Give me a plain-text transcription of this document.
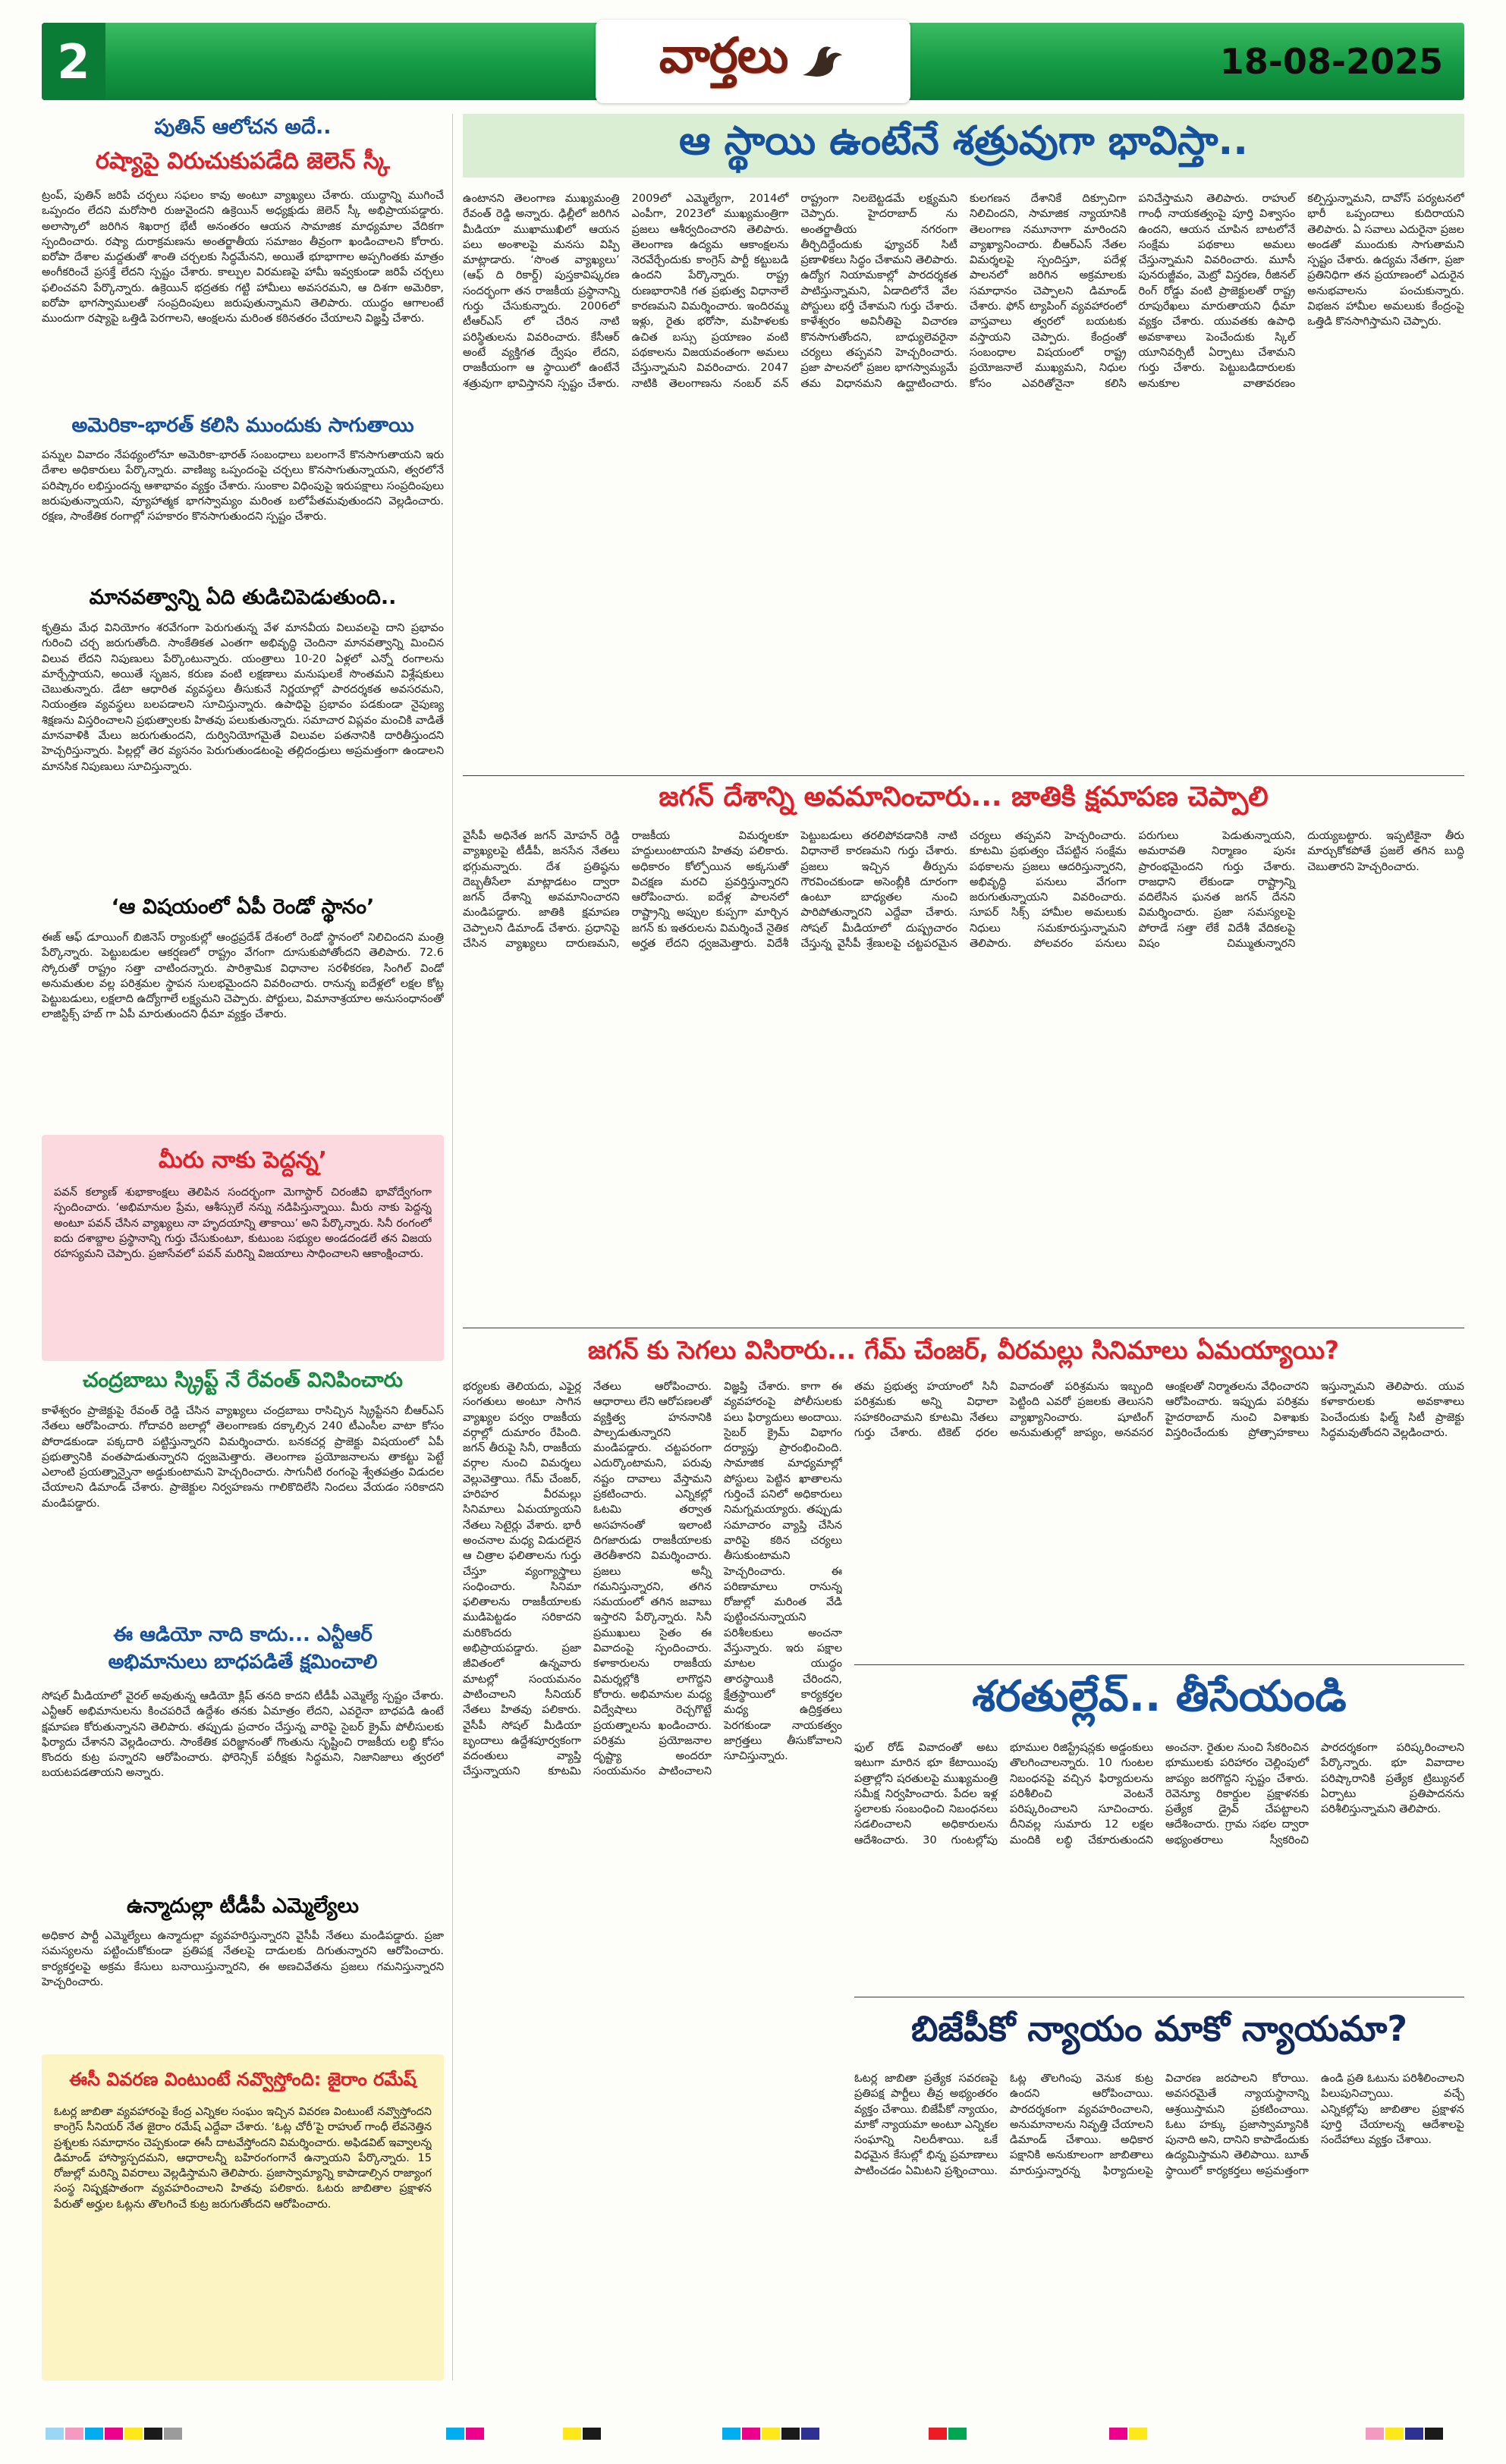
2	వార్తలు	18-08-2025
పుతిన్ ఆలోచన అదే..
రష్యాపై విరుచుకుపడేది జెలెన్ స్కీ
ట్రంప్, పుతిన్ జరిపే చర్చలు సఫలం కావు అంటూ వ్యాఖ్యలు చేశారు. యుద్ధాన్ని ముగించే ఒప్పందం లేదని మరోసారి రుజువైందని ఉక్రెయిన్ అధ్యక్షుడు జెలెన్ స్కీ అభిప్రాయపడ్డారు. అలాస్కాలో జరిగిన శిఖరాగ్ర భేటీ అనంతరం ఆయన సామాజిక మాధ్యమాల వేదికగా స్పందించారు. రష్యా దురాక్రమణను అంతర్జాతీయ సమాజం తీవ్రంగా ఖండించాలని కోరారు. ఐరోపా దేశాల మద్దతుతో శాంతి చర్చలకు సిద్ధమేనని, అయితే భూభాగాల అప్పగింతకు మాత్రం అంగీకరించే ప్రసక్తే లేదని స్పష్టం చేశారు. కాల్పుల విరమణపై హామీ ఇవ్వకుండా జరిపే చర్చలు ఫలించవని పేర్కొన్నారు. ఉక్రెయిన్ భద్రతకు గట్టి హామీలు అవసరమని, ఆ దిశగా అమెరికా, ఐరోపా భాగస్వాములతో సంప్రదింపులు జరుపుతున్నామని తెలిపారు. యుద్ధం ఆగాలంటే ముందుగా రష్యాపై ఒత్తిడి పెరగాలని, ఆంక్షలను మరింత కఠినతరం చేయాలని విజ్ఞప్తి చేశారు.
అమెరికా-భారత్ కలిసి ముందుకు సాగుతాయి
పన్నుల వివాదం నేపథ్యంలోనూ అమెరికా-భారత్ సంబంధాలు బలంగానే కొనసాగుతాయని ఇరు దేశాల అధికారులు పేర్కొన్నారు. వాణిజ్య ఒప్పందంపై చర్చలు కొనసాగుతున్నాయని, త్వరలోనే పరిష్కారం లభిస్తుందన్న ఆశాభావం వ్యక్తం చేశారు. సుంకాల విధింపుపై ఇరుపక్షాలు సంప్రదింపులు జరుపుతున్నాయని, వ్యూహాత్మక భాగస్వామ్యం మరింత బలోపేతమవుతుందని వెల్లడించారు. రక్షణ, సాంకేతిక రంగాల్లో సహకారం కొనసాగుతుందని స్పష్టం చేశారు.
మానవత్వాన్ని ఏది తుడిచిపెడుతుంది..
కృత్రిమ మేధ వినియోగం శరవేగంగా పెరుగుతున్న వేళ మానవీయ విలువలపై దాని ప్రభావం గురించి చర్చ జరుగుతోంది. సాంకేతికత ఎంతగా అభివృద్ధి చెందినా మానవత్వాన్ని మించిన విలువ లేదని నిపుణులు పేర్కొంటున్నారు. యంత్రాలు 10-20 ఏళ్లలో ఎన్నో రంగాలను మార్చేస్తాయని, అయితే సృజన, కరుణ వంటి లక్షణాలు మనుషులకే సొంతమని విశ్లేషకులు చెబుతున్నారు. డేటా ఆధారిత వ్యవస్థలు తీసుకునే నిర్ణయాల్లో పారదర్శకత అవసరమని, నియంత్రణ వ్యవస్థలు బలపడాలని సూచిస్తున్నారు. ఉపాధిపై ప్రభావం పడకుండా నైపుణ్య శిక్షణను విస్తరించాలని ప్రభుత్వాలకు హితవు పలుకుతున్నారు. సమాచార విప్లవం మంచికి వాడితే మానవాళికి మేలు జరుగుతుందని, దుర్వినియోగమైతే విలువల పతనానికి దారితీస్తుందని హెచ్చరిస్తున్నారు. పిల్లల్లో తెర వ్యసనం పెరుగుతుండటంపై తల్లిదండ్రులు అప్రమత్తంగా ఉండాలని మానసిక నిపుణులు సూచిస్తున్నారు.
‘ఆ విషయంలో ఏపీ రెండో స్థానం’
ఈజ్ ఆఫ్ డూయింగ్ బిజినెస్ ర్యాంకుల్లో ఆంధ్రప్రదేశ్ దేశంలో రెండో స్థానంలో నిలిచిందని మంత్రి పేర్కొన్నారు. పెట్టుబడుల ఆకర్షణలో రాష్ట్రం వేగంగా దూసుకుపోతోందని తెలిపారు. 72.6 స్కోరుతో రాష్ట్రం సత్తా చాటిందన్నారు. పారిశ్రామిక విధానాల సరళీకరణ, సింగిల్ విండో అనుమతుల వల్ల పరిశ్రమల స్థాపన సులభమైందని వివరించారు. రానున్న ఐదేళ్లలో లక్షల కోట్ల పెట్టుబడులు, లక్షలాది ఉద్యోగాలే లక్ష్యమని చెప్పారు. పోర్టులు, విమానాశ్రయాల అనుసంధానంతో లాజిస్టిక్స్ హబ్ గా ఏపీ మారుతుందని ధీమా వ్యక్తం చేశారు.
మీరు నాకు పెద్దన్న’
పవన్ కల్యాణ్ శుభాకాంక్షలు తెలిపిన సందర్భంగా మెగాస్టార్ చిరంజీవి భావోద్వేగంగా స్పందించారు. ‘అభిమానుల ప్రేమ, ఆశీస్సులే నన్ను నడిపిస్తున్నాయి. మీరు నాకు పెద్దన్న అంటూ పవన్ చేసిన వ్యాఖ్యలు నా హృదయాన్ని తాకాయి’ అని పేర్కొన్నారు. సినీ రంగంలో ఐదు దశాబ్దాల ప్రస్థానాన్ని గుర్తు చేసుకుంటూ, కుటుంబ సభ్యుల అండదండలే తన విజయ రహస్యమని చెప్పారు. ప్రజాసేవలో పవన్ మరిన్ని విజయాలు సాధించాలని ఆకాంక్షించారు.
చంద్రబాబు స్క్రిప్ట్ నే రేవంత్ వినిపించారు
కాళేశ్వరం ప్రాజెక్టుపై రేవంత్ రెడ్డి చేసిన వ్యాఖ్యలు చంద్రబాబు రాసిచ్చిన స్క్రిప్టేనని బీఆర్ఎస్ నేతలు ఆరోపించారు. గోదావరి జలాల్లో తెలంగాణకు దక్కాల్సిన 240 టీఎంసీల వాటా కోసం పోరాడకుండా పక్కదారి పట్టిస్తున్నారని విమర్శించారు. బనకచర్ల ప్రాజెక్టు విషయంలో ఏపీ ప్రభుత్వానికి వంతపాడుతున్నారని ధ్వజమెత్తారు. తెలంగాణ ప్రయోజనాలను తాకట్టు పెట్టే ఎలాంటి ప్రయత్నాన్నైనా అడ్డుకుంటామని హెచ్చరించారు. సాగునీటి రంగంపై శ్వేతపత్రం విడుదల చేయాలని డిమాండ్ చేశారు. ప్రాజెక్టుల నిర్వహణను గాలికొదిలేసి నిందలు వేయడం సరికాదని మండిపడ్డారు.
ఈ ఆడియో నాది కాదు... ఎన్టీఆర్
అభిమానులు బాధపడితే క్షమించాలి
సోషల్ మీడియాలో వైరల్ అవుతున్న ఆడియో క్లిప్ తనది కాదని టీడీపీ ఎమ్మెల్యే స్పష్టం చేశారు. ఎన్టీఆర్ అభిమానులను కించపరిచే ఉద్దేశం తనకు ఏమాత్రం లేదని, ఎవరైనా బాధపడి ఉంటే క్షమాపణ కోరుతున్నానని తెలిపారు. తప్పుడు ప్రచారం చేస్తున్న వారిపై సైబర్ క్రైమ్ పోలీసులకు ఫిర్యాదు చేశానని వెల్లడించారు. సాంకేతిక పరిజ్ఞానంతో గొంతును సృష్టించి రాజకీయ లబ్ధి కోసం కొందరు కుట్ర పన్నారని ఆరోపించారు. ఫోరెన్సిక్ పరీక్షకు సిద్ధమని, నిజానిజాలు త్వరలో బయటపడతాయని అన్నారు.
ఉన్మాదుల్లా టీడీపీ ఎమ్మెల్యేలు
అధికార పార్టీ ఎమ్మెల్యేలు ఉన్మాదుల్లా వ్యవహరిస్తున్నారని వైసీపీ నేతలు మండిపడ్డారు. ప్రజా సమస్యలను పట్టించుకోకుండా ప్రతిపక్ష నేతలపై దాడులకు దిగుతున్నారని ఆరోపించారు. కార్యకర్తలపై అక్రమ కేసులు బనాయిస్తున్నారని, ఈ అణచివేతను ప్రజలు గమనిస్తున్నారని హెచ్చరించారు.
ఈసీ వివరణ వింటుంటే నవ్వొస్తోంది: జైరాం రమేష్
ఓటర్ల జాబితా వ్యవహారంపై కేంద్ర ఎన్నికల సంఘం ఇచ్చిన వివరణ వింటుంటే నవ్వొస్తోందని కాంగ్రెస్ సీనియర్ నేత జైరాం రమేష్ ఎద్దేవా చేశారు. ‘ఓట్ల చోరీ’పై రాహుల్ గాంధీ లేవనెత్తిన ప్రశ్నలకు సమాధానం చెప్పకుండా ఈసీ దాటవేస్తోందని విమర్శించారు. అఫిడవిట్ ఇవ్వాలన్న డిమాండ్ హాస్యాస్పదమని, ఆధారాలన్నీ బహిరంగంగానే ఉన్నాయని పేర్కొన్నారు. 15 రోజుల్లో మరిన్ని వివరాలు వెల్లడిస్తామని తెలిపారు. ప్రజాస్వామ్యాన్ని కాపాడాల్సిన రాజ్యాంగ సంస్థ నిష్పక్షపాతంగా వ్యవహరించాలని హితవు పలికారు. ఓటరు జాబితాల ప్రక్షాళన పేరుతో అర్హుల ఓట్లను తొలగించే కుట్ర జరుగుతోందని ఆరోపించారు.
ఆ స్థాయి ఉంటేనే శత్రువుగా భావిస్తా..
ఉంటానని తెలంగాణ ముఖ్యమంత్రి రేవంత్ రెడ్డి అన్నారు. ఢిల్లీలో జరిగిన మీడియా ముఖాముఖిలో ఆయన పలు అంశాలపై మనసు విప్పి మాట్లాడారు. ‘సొంత వ్యాఖ్యలు’ (ఆఫ్ ది రికార్డ్) పుస్తకావిష్కరణ సందర్భంగా తన రాజకీయ ప్రస్థానాన్ని గుర్తు చేసుకున్నారు. 2006లో టీఆర్ఎస్ లో చేరిన నాటి పరిస్థితులను వివరించారు. కేసీఆర్ అంటే వ్యక్తిగత ద్వేషం లేదని, రాజకీయంగా ఆ స్థాయిలో ఉంటేనే శత్రువుగా భావిస్తానని స్పష్టం చేశారు. 2009లో ఎమ్మెల్యేగా, 2014లో ఎంపీగా, 2023లో ముఖ్యమంత్రిగా ప్రజలు ఆశీర్వదించారని తెలిపారు. తెలంగాణ ఉద్యమ ఆకాంక్షలను నెరవేర్చేందుకు కాంగ్రెస్ పార్టీ కట్టుబడి ఉందని పేర్కొన్నారు. రాష్ట్ర రుణభారానికి గత ప్రభుత్వ విధానాలే కారణమని విమర్శించారు. ఇందిరమ్మ ఇళ్లు, రైతు భరోసా, మహిళలకు ఉచిత బస్సు ప్రయాణం వంటి పథకాలను విజయవంతంగా అమలు చేస్తున్నామని వివరించారు. 2047 నాటికి తెలంగాణను నంబర్ వన్ రాష్ట్రంగా నిలబెట్టడమే లక్ష్యమని చెప్పారు. హైదరాబాద్ ను అంతర్జాతీయ నగరంగా తీర్చిదిద్దేందుకు ఫ్యూచర్ సిటీ ప్రణాళికలు సిద్ధం చేశామని తెలిపారు. ఉద్యోగ నియామకాల్లో పారదర్శకత పాటిస్తున్నామని, ఏడాదిలోనే వేల పోస్టులు భర్తీ చేశామని గుర్తు చేశారు. కాళేశ్వరం అవినీతిపై విచారణ కొనసాగుతోందని, బాధ్యులెవరైనా చర్యలు తప్పవని హెచ్చరించారు. ప్రజా పాలనలో ప్రజల భాగస్వామ్యమే తమ విధానమని ఉద్ఘాటించారు. కులగణన దేశానికే దిక్సూచిగా నిలిచిందని, సామాజిక న్యాయానికి తెలంగాణ నమూనాగా మారిందని వ్యాఖ్యానించారు. బీఆర్ఎస్ నేతల విమర్శలపై స్పందిస్తూ, పదేళ్ల పాలనలో జరిగిన అక్రమాలకు సమాధానం చెప్పాలని డిమాండ్ చేశారు. ఫోన్ ట్యాపింగ్ వ్యవహారంలో వాస్తవాలు త్వరలో బయటకు వస్తాయని చెప్పారు. కేంద్రంతో సంబంధాల విషయంలో రాష్ట్ర ప్రయోజనాలే ముఖ్యమని, నిధుల కోసం ఎవరితోనైనా కలిసి పనిచేస్తామని తెలిపారు. రాహుల్ గాంధీ నాయకత్వంపై పూర్తి విశ్వాసం ఉందని, ఆయన చూపిన బాటలోనే సంక్షేమ పథకాలు అమలు చేస్తున్నామని వివరించారు. మూసీ పునరుజ్జీవం, మెట్రో విస్తరణ, రీజినల్ రింగ్ రోడ్డు వంటి ప్రాజెక్టులతో రాష్ట్ర రూపురేఖలు మారుతాయని ధీమా వ్యక్తం చేశారు. యువతకు ఉపాధి అవకాశాలు పెంచేందుకు స్కిల్ యూనివర్సిటీ ఏర్పాటు చేశామని గుర్తు చేశారు. పెట్టుబడిదారులకు అనుకూల వాతావరణం కల్పిస్తున్నామని, దావోస్ పర్యటనలో భారీ ఒప్పందాలు కుదిరాయని తెలిపారు. ఏ సవాలు ఎదురైనా ప్రజల అండతో ముందుకు సాగుతామని స్పష్టం చేశారు. ఉద్యమ నేతగా, ప్రజా ప్రతినిధిగా తన ప్రయాణంలో ఎదురైన అనుభవాలను పంచుకున్నారు. విభజన హామీల అమలుకు కేంద్రంపై ఒత్తిడి కొనసాగిస్తామని చెప్పారు.
జగన్ దేశాన్ని అవమానించారు... జాతికి క్షమాపణ చెప్పాలి
వైసీపీ అధినేత జగన్ మోహన్ రెడ్డి వ్యాఖ్యలపై టీడీపీ, జనసేన నేతలు భగ్గుమన్నారు. దేశ ప్రతిష్ఠను దెబ్బతీసేలా మాట్లాడటం ద్వారా జగన్ దేశాన్ని అవమానించారని మండిపడ్డారు. జాతికి క్షమాపణ చెప్పాలని డిమాండ్ చేశారు. ప్రధానిపై చేసిన వ్యాఖ్యలు దారుణమని, రాజకీయ విమర్శలకూ హద్దులుంటాయని హితవు పలికారు. అధికారం కోల్పోయిన అక్కసుతో విచక్షణ మరచి ప్రవర్తిస్తున్నారని ఆరోపించారు. ఐదేళ్ల పాలనలో రాష్ట్రాన్ని అప్పుల కుప్పగా మార్చిన జగన్ కు ఇతరులను విమర్శించే నైతిక అర్హత లేదని ధ్వజమెత్తారు. విదేశీ పెట్టుబడులు తరలిపోవడానికి నాటి విధానాలే కారణమని గుర్తు చేశారు. ప్రజలు ఇచ్చిన తీర్పును గౌరవించకుండా అసెంబ్లీకి దూరంగా ఉంటూ బాధ్యతల నుంచి పారిపోతున్నారని ఎద్దేవా చేశారు. సోషల్ మీడియాలో దుష్ప్రచారం చేస్తున్న వైసీపీ శ్రేణులపై చట్టపరమైన చర్యలు తప్పవని హెచ్చరించారు. కూటమి ప్రభుత్వం చేపట్టిన సంక్షేమ పథకాలను ప్రజలు ఆదరిస్తున్నారని, అభివృద్ధి పనులు వేగంగా జరుగుతున్నాయని వివరించారు. సూపర్ సిక్స్ హామీల అమలుకు నిధులు సమకూరుస్తున్నామని తెలిపారు. పోలవరం పనులు పరుగులు పెడుతున్నాయని, అమరావతి నిర్మాణం పునః ప్రారంభమైందని గుర్తు చేశారు. రాజధాని లేకుండా రాష్ట్రాన్ని వదిలేసిన ఘనత జగన్ దేనని విమర్శించారు. ప్రజా సమస్యలపై పోరాడే సత్తా లేకే విదేశీ వేదికలపై విషం చిమ్ముతున్నారని దుయ్యబట్టారు. ఇప్పటికైనా తీరు మార్చుకోకపోతే ప్రజలే తగిన బుద్ధి చెబుతారని హెచ్చరించారు.
జగన్ కు సెగలు విసిరారు... గేమ్ చేంజర్, వీరమల్లు సినిమాలు ఏమయ్యాయి?
భర్యలకు తెలియదు, ఎఫైర్ల సంగతులు అంటూ సాగిన వ్యాఖ్యల పర్వం రాజకీయ వర్గాల్లో దుమారం రేపింది. జగన్ తీరుపై సినీ, రాజకీయ వర్గాల నుంచి విమర్శలు వెల్లువెత్తాయి. గేమ్ చేంజర్, హరిహర వీరమల్లు సినిమాలు ఏమయ్యాయని నేతలు సెటైర్లు వేశారు. భారీ అంచనాల మధ్య విడుదలైన ఆ చిత్రాల ఫలితాలను గుర్తు చేస్తూ వ్యంగ్యాస్త్రాలు సంధించారు. సినిమా ఫలితాలను రాజకీయాలకు ముడిపెట్టడం సరికాదని మరికొందరు అభిప్రాయపడ్డారు. ప్రజా జీవితంలో ఉన్నవారు మాటల్లో సంయమనం పాటించాలని సీనియర్ నేతలు హితవు పలికారు. వైసీపీ సోషల్ మీడియా బృందాలు ఉద్దేశపూర్వకంగా వదంతులు వ్యాప్తి చేస్తున్నాయని కూటమి నేతలు ఆరోపించారు. ఆధారాలు లేని ఆరోపణలతో వ్యక్తిత్వ హననానికి పాల్పడుతున్నారని మండిపడ్డారు. చట్టపరంగా ఎదుర్కొంటామని, పరువు నష్టం దావాలు వేస్తామని ప్రకటించారు. ఎన్నికల్లో ఓటమి తర్వాత అసహనంతో ఇలాంటి దిగజారుడు రాజకీయాలకు తెరతీశారని విమర్శించారు. ప్రజలు అన్నీ గమనిస్తున్నారని, తగిన సమయంలో తగిన జవాబు ఇస్తారని పేర్కొన్నారు. సినీ ప్రముఖులు సైతం ఈ వివాదంపై స్పందించారు. కళాకారులను రాజకీయ విమర్శల్లోకి లాగొద్దని కోరారు. అభిమానుల మధ్య విద్వేషాలు రెచ్చగొట్టే ప్రయత్నాలను ఖండించారు. పరిశ్రమ ప్రయోజనాల దృష్ట్యా అందరూ సంయమనం పాటించాలని విజ్ఞప్తి చేశారు. కాగా ఈ వ్యవహారంపై పోలీసులకు పలు ఫిర్యాదులు అందాయి. సైబర్ క్రైమ్ విభాగం దర్యాప్తు ప్రారంభించింది. సామాజిక మాధ్యమాల్లో పోస్టులు పెట్టిన ఖాతాలను గుర్తించే పనిలో అధికారులు నిమగ్నమయ్యారు. తప్పుడు సమాచారం వ్యాప్తి చేసిన వారిపై కఠిన చర్యలు తీసుకుంటామని హెచ్చరించారు. ఈ పరిణామాలు రానున్న రోజుల్లో మరింత వేడి పుట్టించనున్నాయని పరిశీలకులు అంచనా వేస్తున్నారు. ఇరు పక్షాల మాటల యుద్ధం తారస్థాయికి చేరిందని, క్షేత్రస్థాయిలో కార్యకర్తల మధ్య ఉద్రిక్తతలు పెరగకుండా నాయకత్వం జాగ్రత్తలు తీసుకోవాలని సూచిస్తున్నారు.
తమ ప్రభుత్వ హయాంలో సినీ పరిశ్రమకు అన్ని విధాలా సహకరించామని కూటమి నేతలు గుర్తు చేశారు. టికెట్ ధరల వివాదంతో పరిశ్రమను ఇబ్బంది పెట్టింది ఎవరో ప్రజలకు తెలుసని వ్యాఖ్యానించారు. షూటింగ్ అనుమతుల్లో జాప్యం, అనవసర ఆంక్షలతో నిర్మాతలను వేధించారని ఆరోపించారు. ఇప్పుడు పరిశ్రమ హైదరాబాద్ నుంచి విశాఖకు విస్తరించేందుకు ప్రోత్సాహకాలు ఇస్తున్నామని తెలిపారు. యువ కళాకారులకు అవకాశాలు పెంచేందుకు ఫిల్మ్ సిటీ ప్రాజెక్టు సిద్ధమవుతోందని వెల్లడించారు.
శరతుల్లేవ్.. తీసేయండి
ఫుల్ రోడ్ వివాదంతో అటు ఇటుగా మారిన భూ కేటాయింపు పత్రాల్లోని షరతులపై ముఖ్యమంత్రి సమీక్ష నిర్వహించారు. పేదల ఇళ్ల స్థలాలకు సంబంధించి నిబంధనలు సడలించాలని అధికారులను ఆదేశించారు. 30 గుంటల్లోపు భూముల రిజిస్ట్రేషన్లకు అడ్డంకులు తొలగించాలన్నారు. 10 గుంటల నిబంధనపై వచ్చిన ఫిర్యాదులను పరిశీలించి వెంటనే పరిష్కరించాలని సూచించారు. దీనివల్ల సుమారు 12 లక్షల మందికి లబ్ధి చేకూరుతుందని అంచనా. రైతుల నుంచి సేకరించిన భూములకు పరిహారం చెల్లింపులో జాప్యం జరగొద్దని స్పష్టం చేశారు. రెవెన్యూ రికార్డుల ప్రక్షాళనకు ప్రత్యేక డ్రైవ్ చేపట్టాలని ఆదేశించారు. గ్రామ సభల ద్వారా అభ్యంతరాలు స్వీకరించి పారదర్శకంగా పరిష్కరించాలని పేర్కొన్నారు. భూ వివాదాల పరిష్కారానికి ప్రత్యేక ట్రిబ్యునల్ ఏర్పాటు ప్రతిపాదనను పరిశీలిస్తున్నామని తెలిపారు.
బిజేపీకో న్యాయం మాకో న్యాయమా?
ఓటర్ల జాబితా ప్రత్యేక సవరణపై ప్రతిపక్ష పార్టీలు తీవ్ర అభ్యంతరం వ్యక్తం చేశాయి. బిజేపీకో న్యాయం, మాకో న్యాయమా అంటూ ఎన్నికల సంఘాన్ని నిలదీశాయి. ఒకే విధమైన కేసుల్లో భిన్న ప్రమాణాలు పాటించడం ఏమిటని ప్రశ్నించాయి. ఓట్ల తొలగింపు వెనుక కుట్ర ఉందని ఆరోపించాయి. పారదర్శకంగా వ్యవహరించాలని, అనుమానాలను నివృత్తి చేయాలని డిమాండ్ చేశాయి. అధికార పక్షానికి అనుకూలంగా జాబితాలు మారుస్తున్నారన్న ఫిర్యాదులపై విచారణ జరపాలని కోరాయి. అవసరమైతే న్యాయస్థానాన్ని ఆశ్రయిస్తామని ప్రకటించాయి. ఓటు హక్కు ప్రజాస్వామ్యానికి పునాది అని, దానిని కాపాడేందుకు ఉద్యమిస్తామని తెలిపాయి. బూత్ స్థాయిలో కార్యకర్తలు అప్రమత్తంగా ఉండి ప్రతి ఓటును పరిశీలించాలని పిలుపునిచ్చాయి. వచ్చే ఎన్నికల్లోపు జాబితాల ప్రక్షాళన పూర్తి చేయాలన్న ఆదేశాలపై సందేహాలు వ్యక్తం చేశాయి.
